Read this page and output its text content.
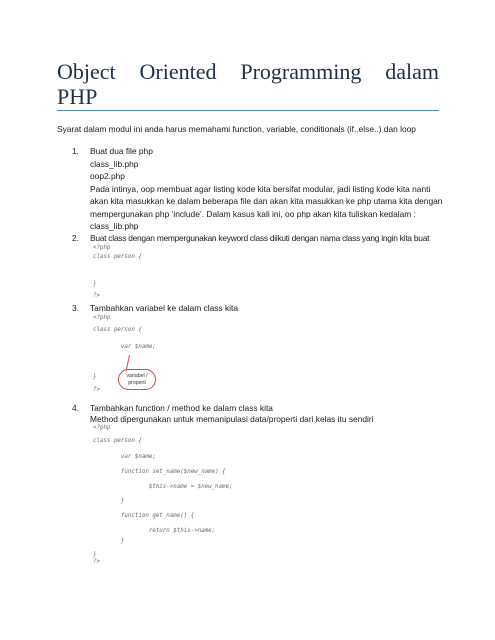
Object Oriented Programming dalam
PHP
Syarat dalam modul ini anda harus memahami function, variable, conditionals (if..else..) dan loop
1. Buat dua file php
class_lib.php
oop2.php
Pada intinya, oop membuat agar listing kode kita bersifat modular, jadi listing kode kita nanti
akan kita masukkan ke dalam beberapa file dan akan kita masukkan ke php utama kita dengan
mempergunakan php ‘include’. Dalam kasus kali ini, oo php akan kita tuliskan kedalam :
class_lib.php
2. Buat class dengan mempergunakan keyword class diikuti dengan nama class yang ingin kita buat

<?php

class person {

}

?>

3. Tambahkan variabel ke dalam class kita

<?php

class person {

var $name;

}

?>

variabel /
properti
4. Tambahkan function / method ke dalam class kita
Method dipergunakan untuk memanipulasi data/properti dari kelas itu sendiri

<?php

class person {

var $name;

function set_name($new_name) {

$this->name = $new_name;

}

function get_name() {

return $this->name;

}

}

?>
